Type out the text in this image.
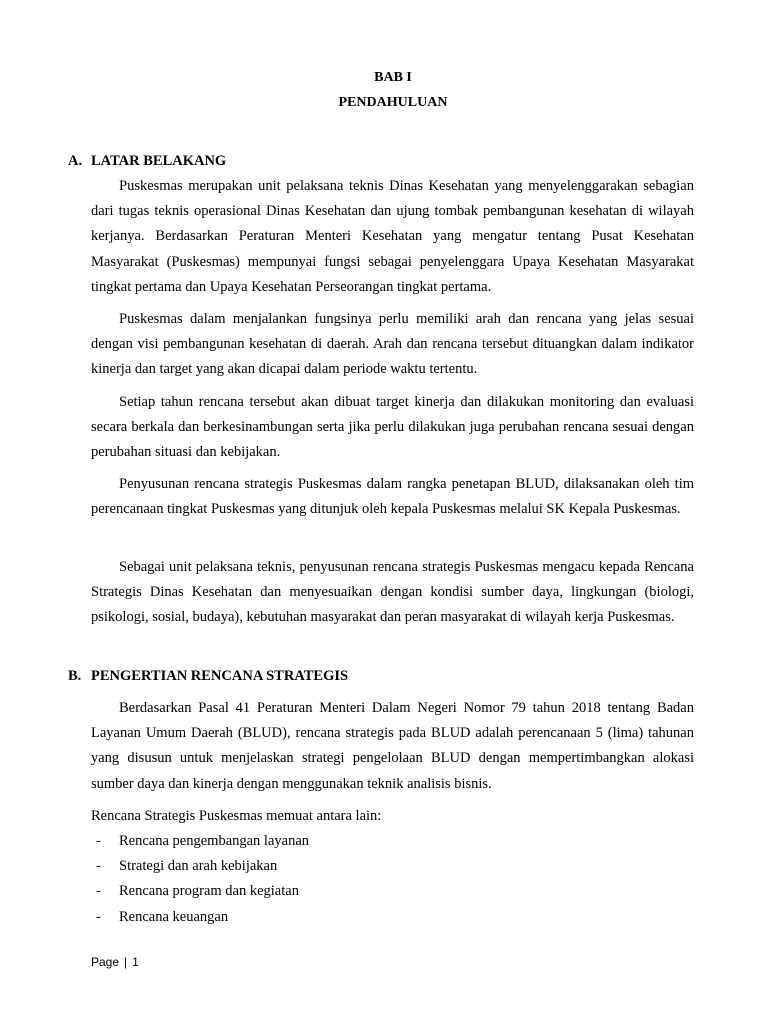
BAB I
PENDAHULUAN
A. LATAR BELAKANG

Puskesmas merupakan unit pelaksana teknis Dinas Kesehatan yang menyelenggarakan sebagian dari tugas teknis operasional Dinas Kesehatan dan ujung tombak pembangunan kesehatan di wilayah kerjanya. Berdasarkan Peraturan Menteri Kesehatan yang mengatur tentang Pusat Kesehatan Masyarakat (Puskesmas) mempunyai fungsi sebagai penyelenggara Upaya Kesehatan Masyarakat tingkat pertama dan Upaya Kesehatan Perseorangan tingkat pertama.

Puskesmas dalam menjalankan fungsinya perlu memiliki arah dan rencana yang jelas sesuai dengan visi pembangunan kesehatan di daerah. Arah dan rencana tersebut dituangkan dalam indikator kinerja dan target yang akan dicapai dalam periode waktu tertentu.

Setiap tahun rencana tersebut akan dibuat target kinerja dan dilakukan monitoring dan evaluasi secara berkala dan berkesinambungan serta jika perlu dilakukan juga perubahan rencana sesuai dengan perubahan situasi dan kebijakan.

Penyusunan rencana strategis Puskesmas dalam rangka penetapan BLUD, dilaksanakan oleh tim perencanaan tingkat Puskesmas yang ditunjuk oleh kepala Puskesmas melalui SK Kepala Puskesmas.

Sebagai unit pelaksana teknis, penyusunan rencana strategis Puskesmas mengacu kepada Rencana Strategis Dinas Kesehatan dan menyesuaikan dengan kondisi sumber daya, lingkungan (biologi, psikologi, sosial, budaya), kebutuhan masyarakat dan peran masyarakat di wilayah kerja Puskesmas.

B. PENGERTIAN RENCANA STRATEGIS

Berdasarkan Pasal 41 Peraturan Menteri Dalam Negeri Nomor 79 tahun 2018 tentang Badan Layanan Umum Daerah (BLUD), rencana strategis pada BLUD adalah perencanaan 5 (lima) tahunan yang disusun untuk menjelaskan strategi pengelolaan BLUD dengan mempertimbangkan alokasi sumber daya dan kinerja dengan menggunakan teknik analisis bisnis.

Rencana Strategis Puskesmas memuat antara lain:

- Rencana pengembangan layanan
- Strategi dan arah kebijakan
- Rencana program dan kegiatan
- Rencana keuangan
Page | 1
